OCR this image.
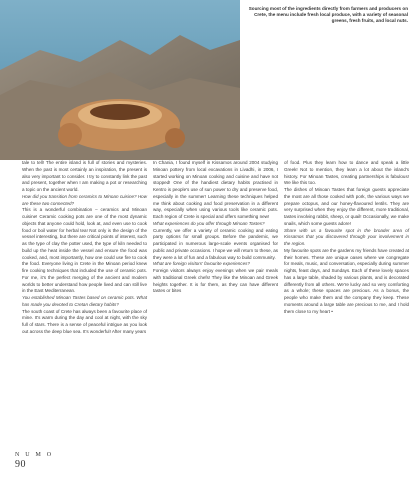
Sourcing most of the ingredients directly from farmers and producers on Crete, the menu include fresh local produce, with a variety of seasonal greens, fresh fruits, and local nuts.

tale to tell! The entire island is full of stories and mysteries. When the past is most certainly an inspiration, the present is also very important to consider. I try to constantly link the past and present, together when I am making a pot or researching a topic on the ancient world.

How did you transition from ceramics to Minoan cuisine? How are these two connected?

This is a wonderful combination – ceramics and Minoan cuisine! Ceramic cooking pots are one of the most dynamic objects that anyone could hold, look at, and even use to cook food or boil water for herbal tea! Not only is the design of the vessel interesting, but there are critical points of interest, such as the type of clay the potter used, the type of kiln needed to build up the heat inside the vessel and ensure the food was cooked, and, most importantly, how one could use fire to cook the food. Everyone living in Crete in the Minoan period knew fire cooking techniques that included the use of ceramic pots. For me, it's the perfect merging of the ancient and modern worlds to better understand how people lived and can still live in the East Mediterranean.

You established Minoan Tastes based on ceramic pots. What has made you devoted to Cretan dietary habits?

The south coast of Crete has always been a favourite place of mine. It's warm during the day and cool at night, with the sky full of stars. There is a sense of peaceful intrigue as you look out across the deep blue sea. It's wonderful! After many years

In Chania, I found myself in Kissamos around 2004 studying Minoan pottery from local excavations in Livadhi, in 2006, I started working on Minoan cooking and cuisine and have not stopped! One of the handiest dietary habits practised in Kentro is people's use of sun power to dry and preserve food, especially in the summer! Learning these techniques helped me think about cooking and food preservation in a different way, especially when using various tools like ceramic pots. Each region of Crete is special and offers something new!

What experiences do you offer through Minoan Tastes?

Currently, we offer a variety of ceramic cooking and eating party options for small groups. Before the pandemic, we participated in numerous large-scale events organised for public and private occasions. I hope we will return to these, as they were a lot of fun and a fabulous way to build community.

What are foreign visitors' favourite experiences?

Foreign visitors always enjoy evenings when we pair meals with traditional Greek chefs! They like the Minoan and Greek heights together. It is for them, as they can have different tastes or bites

of food. Plus they learn how to dance and speak a little Greek! Not to mention, they learn a lot about the island's history. For Minoan Tastes, creating partnerships is fabulous! We like this too.

The dishes of Minoan Tastes that foreign guests appreciate the most are all those cooked with pork, the various ways we prepare octopus, and our honey-flavoured lentils. They are very surprised when they enjoy the different, more traditional, tastes involving rabbit, sheep, or quail! Occasionally, we make snails, which some guests adore!

Share with us a favourite spot in the broader area of Kissamos that you discovered through your involvement in the region.

My favourite spots are the gardens my friends have created at their homes. These are unique oases where we congregate for meals, music, and conversation, especially during summer nights, feast days, and Sundays. Each of these lovely spaces has a large table, shaded by various plants, and is decorated differently from all others. We're lucky and so very comforting as a whole; these spaces are precious. As a bonus, the people who make them and the company they keep. These moments around a large table are precious to me, and I hold them close to my heart •

N U M O
90
